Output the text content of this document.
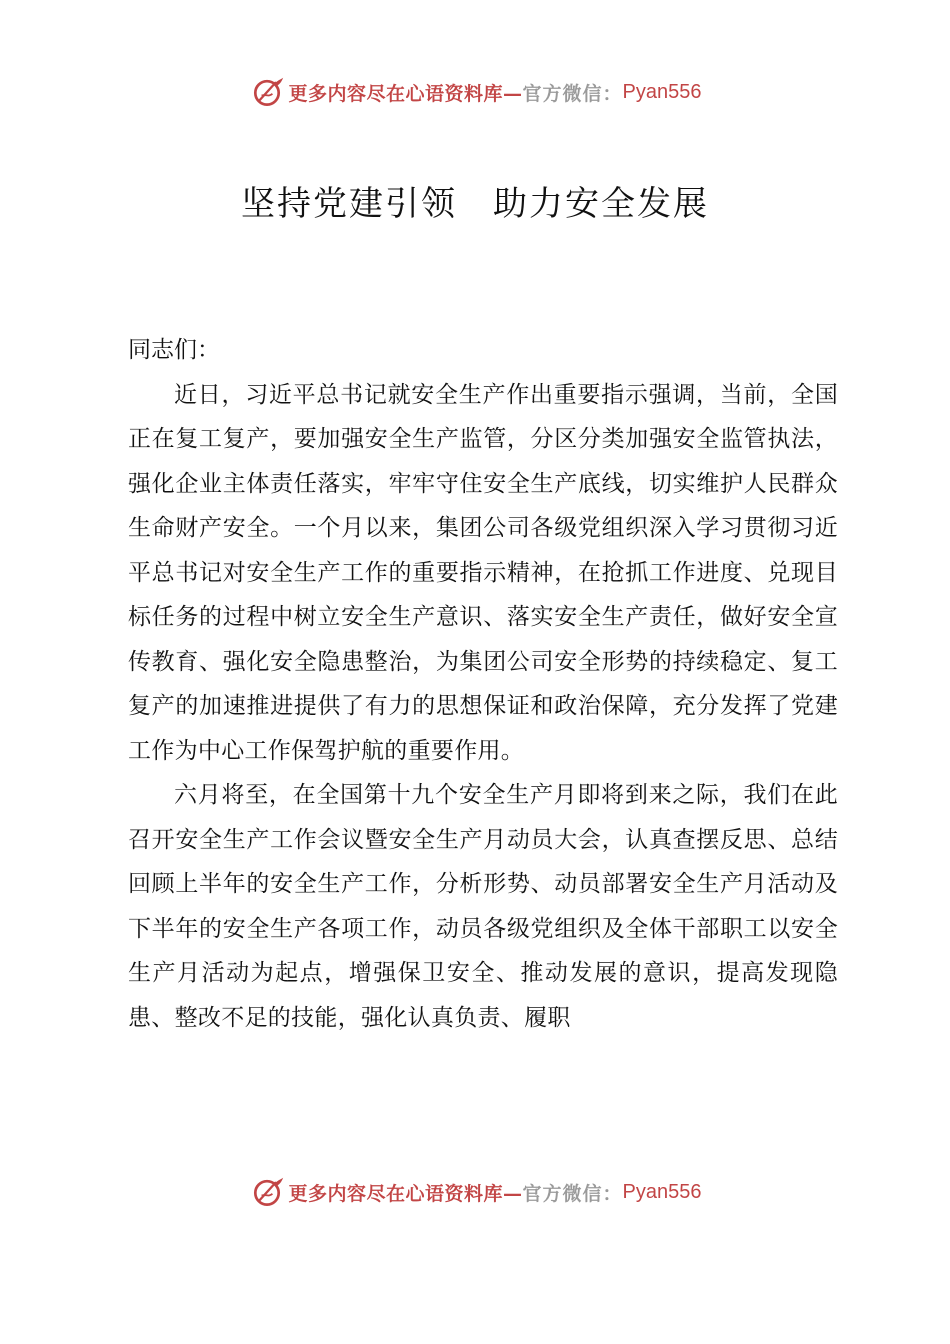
更多内容尽在心语资料库— 官方微信： Pyan556
坚持党建引领　助力安全发展

同志们：

近日，习近平总书记就安全生产作出重要指示强调，当前，全国正在复工复产，要加强安全生产监管，分区分类加强安全监管执法，强化企业主体责任落实，牢牢守住安全生产底线，切实维护人民群众生命财产安全。一个月以来，集团公司各级党组织深入学习贯彻习近平总书记对安全生产工作的重要指示精神，在抢抓工作进度、兑现目标任务的过程中树立安全生产意识、落实安全生产责任，做好安全宣传教育、强化安全隐患整治，为集团公司安全形势的持续稳定、复工复产的加速推进提供了有力的思想保证和政治保障，充分发挥了党建工作为中心工作保驾护航的重要作用。

六月将至，在全国第十九个安全生产月即将到来之际，我们在此召开安全生产工作会议暨安全生产月动员大会，认真查摆反思、总结回顾上半年的安全生产工作，分析形势、动员部署安全生产月活动及下半年的安全生产各项工作，动员各级党组织及全体干部职工以安全生产月活动为起点，增强保卫安全、推动发展的意识，提高发现隐患、整改不足的技能，强化认真负责、履职

更多内容尽在心语资料库— 官方微信： Pyan556
